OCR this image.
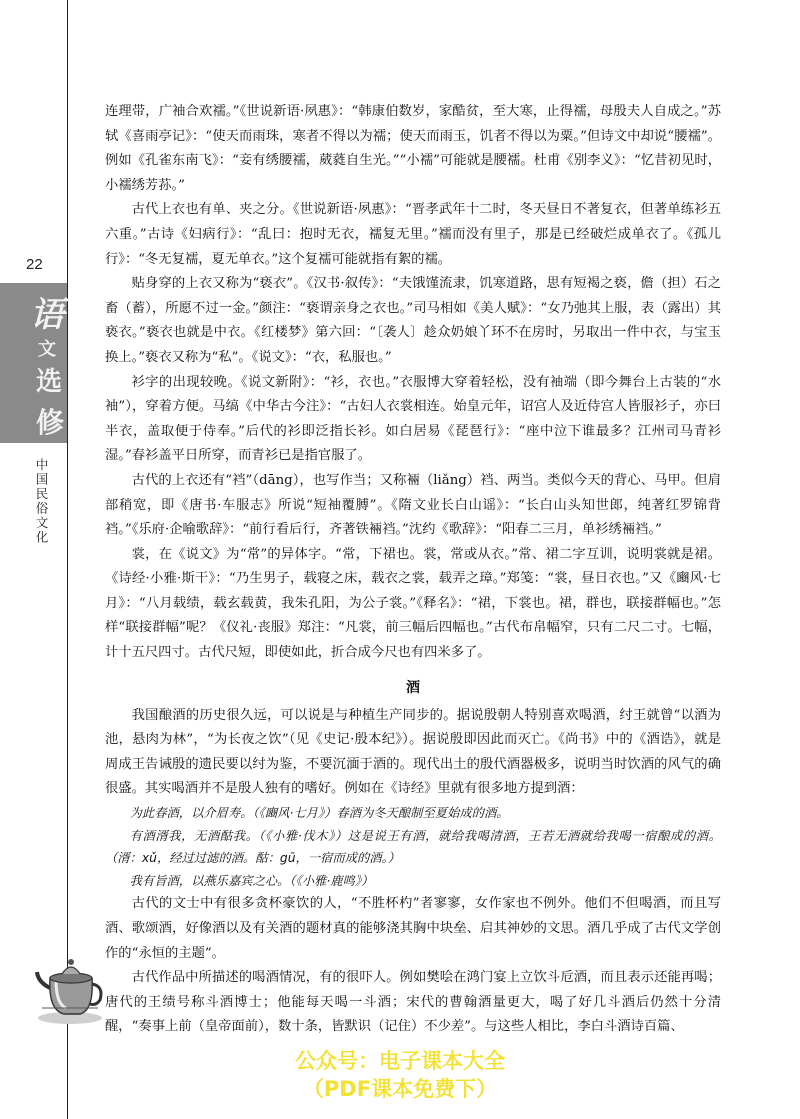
22
语
文
选
修
中国民俗文化

连理带，广袖合欢襦。”《世说新语·夙惠》：“韩康伯数岁，家酷贫，至大寒，止得襦，母殷夫人自成之。”苏轼《喜雨亭记》：“使天而雨珠，寒者不得以为襦；使天而雨玉，饥者不得以为粟。”但诗文中却说“腰襦”。例如《孔雀东南飞》：“妾有绣腰襦，葳蕤自生光。”“小襦”可能就是腰襦。杜甫《别李义》：“忆昔初见时，小襦绣芳荪。”

古代上衣也有单、夹之分。《世说新语·夙惠》：“晋孝武年十二时，冬天昼日不著复衣，但著单练衫五六重。”古诗《妇病行》：“乱曰：抱时无衣，襦复无里。”襦而没有里子，那是已经破烂成单衣了。《孤儿行》：“冬无复襦，夏无单衣。”这个复襦可能就指有絮的襦。

贴身穿的上衣又称为“亵衣”。《汉书·叙传》：“夫饿馑流隶，饥寒道路，思有短褐之亵，儋（担）石之畜（蓄），所愿不过一金。”颜注：“亵谓亲身之衣也。”司马相如《美人赋》：“女乃弛其上服，表（露出）其亵衣。”亵衣也就是中衣。《红楼梦》第六回：“〔袭人〕趁众奶娘丫环不在房时，另取出一件中衣，与宝玉换上。”亵衣又称为“私”。《说文》：“衣，私服也。”

衫字的出现较晚。《说文新附》：“衫，衣也。”衣服博大穿着轻松，没有袖端（即今舞台上古装的“水袖”），穿着方便。马缟《中华古今注》：“古妇人衣裳相连。始皇元年，诏宫人及近侍宫人皆服衫子，亦曰半衣，盖取便于侍奉。”后代的衫即泛指长衫。如白居易《琵琶行》：“座中泣下谁最多？江州司马青衫湿。”春衫盖平日所穿，而青衫已是指官服了。

古代的上衣还有“裆”（dāng），也写作当；又称裲（liǎng）裆、两当。类似今天的背心、马甲。但肩部稍宽，即《唐书·车服志》所说“短袖覆膊”。《隋文业长白山谣》：“长白山头知世郎，纯著红罗锦背裆。”《乐府·企喻歌辞》：“前行看后行，齐著铁裲裆。”沈约《歌辞》：“阳春二三月，单衫绣裲裆。”

裳，在《说文》为“常”的异体字。“常，下裙也。裳，常或从衣。”常、裙二字互训，说明裳就是裙。《诗经·小雅·斯干》：“乃生男子，载寝之床，载衣之裳，载弄之璋。”郑笺：“裳，昼日衣也。”又《豳风·七月》：“八月载绩，载玄载黄，我朱孔阳，为公子裳。”《释名》：“裙，下裳也。裙，群也，联接群幅也。”怎样“联接群幅”呢？《仪礼·丧服》郑注：“凡裳，前三幅后四幅也。”古代布帛幅窄，只有二尺二寸。七幅，计十五尺四寸。古代尺短，即使如此，折合成今尺也有四米多了。

酒

我国酿酒的历史很久远，可以说是与种植生产同步的。据说殷朝人特别喜欢喝酒，纣王就曾“以酒为池，悬肉为林”，“为长夜之饮”（见《史记·殷本纪》）。据说殷即因此而灭亡。《尚书》中的《酒诰》，就是周成王告诫殷的遗民要以纣为鉴，不要沉湎于酒的。现代出土的殷代酒器极多，说明当时饮酒的风气的确很盛。其实喝酒并不是殷人独有的嗜好。例如在《诗经》里就有很多地方提到酒：

为此春酒，以介眉寿。（《豳风·七月》）春酒为冬天酿制至夏始成的酒。

有酒湑我，无酒酤我。（《小雅·伐木》）这是说王有酒，就给我喝清酒，王若无酒就给我喝一宿酿成的酒。（湑：xǔ，经过过滤的酒。酤：gū，一宿而成的酒。）

我有旨酒，以燕乐嘉宾之心。（《小雅·鹿鸣》）

古代的文士中有很多贪杯豪饮的人，“不胜杯杓”者寥寥，女作家也不例外。他们不但喝酒，而且写酒、歌颂酒，好像酒以及有关酒的题材真的能够浇其胸中块垒、启其神妙的文思。酒几乎成了古代文学创作的“永恒的主题”。

古代作品中所描述的喝酒情况，有的很吓人。例如樊哙在鸿门宴上立饮斗卮酒，而且表示还能再喝；唐代的王绩号称斗酒博士；他能每天喝一斗酒；宋代的曹翰酒量更大，喝了好几斗酒后仍然十分清醒，“奏事上前（皇帝面前），数十条，皆默识（记住）不少差”。与这些人相比，李白斗酒诗百篇、

公众号：电子课本大全
（PDF课本免费下）
